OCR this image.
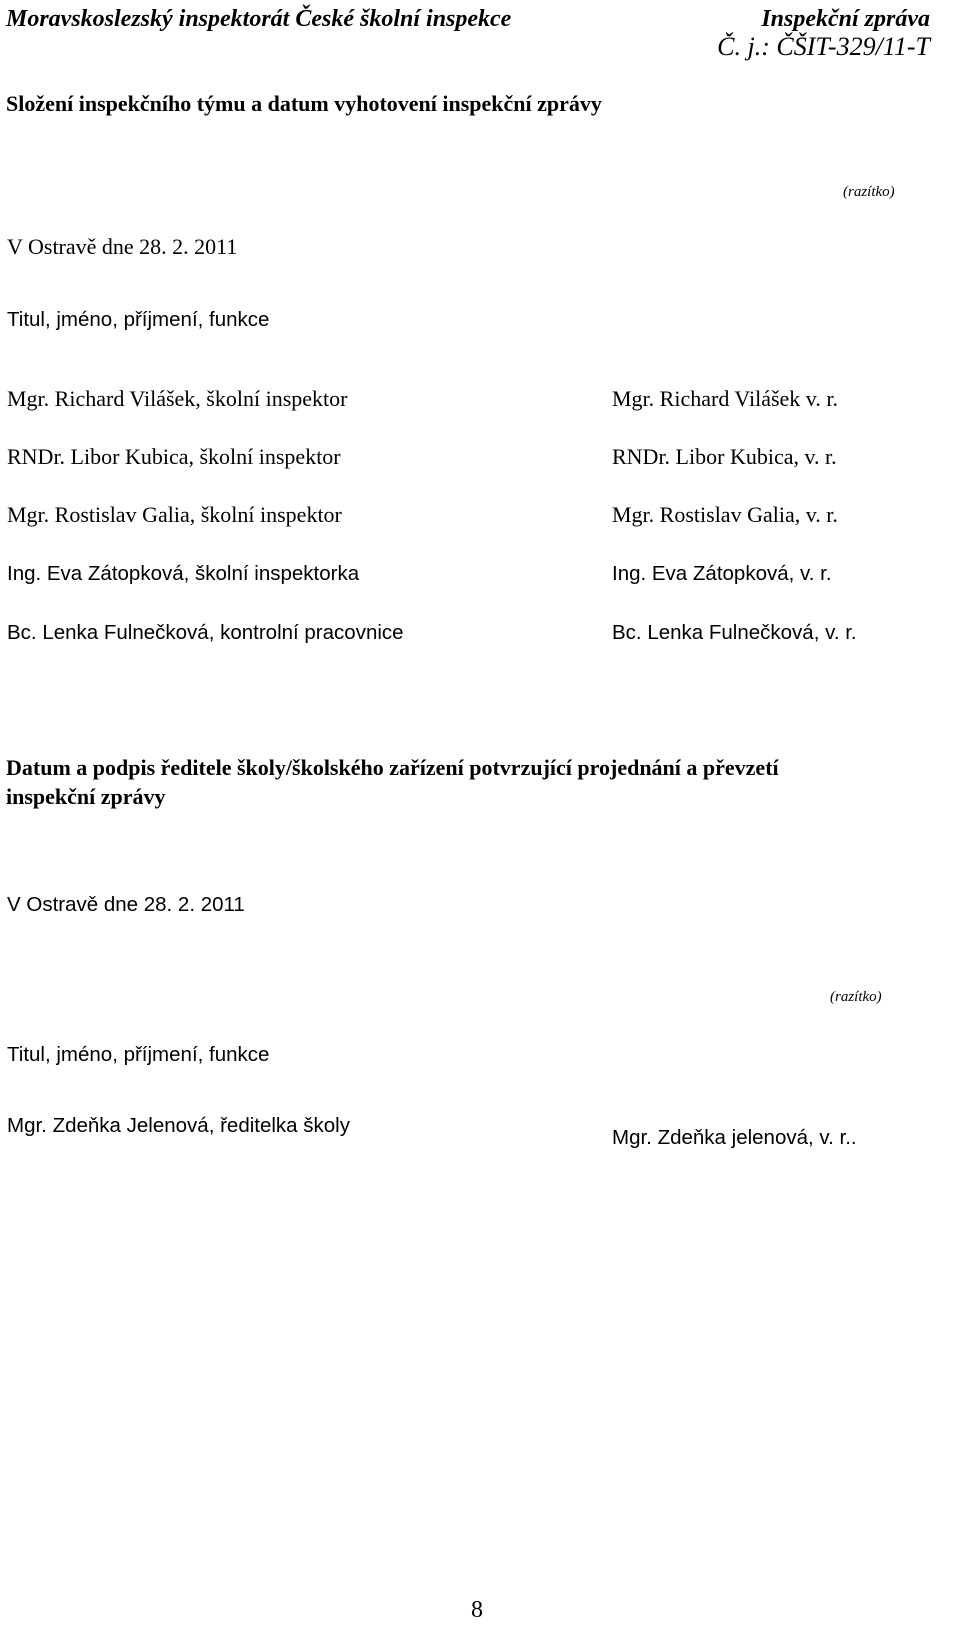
Moravskoslezský inspektorát České školní inspekce	Inspekční zpráva
Č. j.: ČŠIT-329/11-T
Složení inspekčního týmu a datum vyhotovení inspekční zprávy
(razítko)
V Ostravě dne 28. 2. 2011
Titul, jméno, příjmení, funkce
Mgr. Richard Vilášek, školní inspektor	Mgr. Richard Vilášek v. r.
RNDr. Libor Kubica, školní inspektor	RNDr. Libor Kubica, v. r.
Mgr. Rostislav Galia, školní inspektor	Mgr. Rostislav Galia, v. r.
Ing. Eva Zátopková, školní inspektorka	Ing. Eva Zátopková, v. r.
Bc. Lenka Fulnečková, kontrolní pracovnice	Bc. Lenka Fulnečková, v. r.
Datum a podpis ředitele školy/školského zařízení potvrzující projednání a převzetí
inspekční zprávy
V Ostravě dne 28. 2. 2011
(razítko)
Titul, jméno, příjmení, funkce
Mgr. Zdeňka Jelenová, ředitelka školy
Mgr. Zdeňka jelenová, v. r..
8
